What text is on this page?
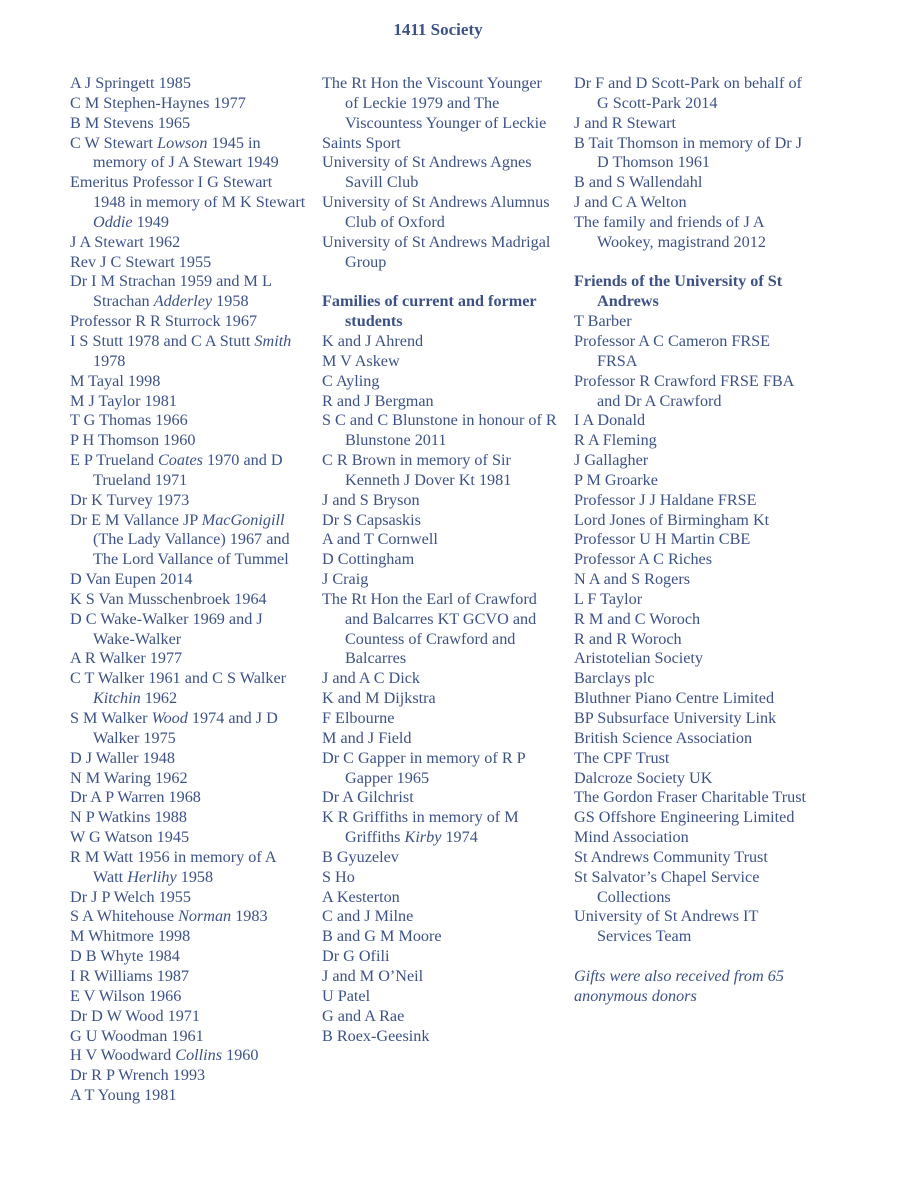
1411 Society
A J Springett 1985
C M Stephen-Haynes 1977
B M Stevens 1965
C W Stewart Lowson 1945 in memory of J A Stewart 1949
Emeritus Professor I G Stewart 1948 in memory of M K Stewart Oddie 1949
J A Stewart 1962
Rev J C Stewart 1955
Dr I M Strachan 1959 and M L Strachan Adderley 1958
Professor R R Sturrock 1967
I S Stutt 1978 and C A Stutt Smith 1978
M Tayal 1998
M J Taylor 1981
T G Thomas 1966
P H Thomson 1960
E P Trueland Coates 1970 and D Trueland 1971
Dr K Turvey 1973
Dr E M Vallance JP MacGonigill (The Lady Vallance) 1967 and The Lord Vallance of Tummel
D Van Eupen 2014
K S Van Musschenbroek 1964
D C Wake-Walker 1969 and J Wake-Walker
A R Walker 1977
C T Walker 1961 and C S Walker Kitchin 1962
S M Walker Wood 1974 and J D Walker 1975
D J Waller 1948
N M Waring 1962
Dr A P Warren 1968
N P Watkins 1988
W G Watson 1945
R M Watt 1956 in memory of A Watt Herlihy 1958
Dr J P Welch 1955
S A Whitehouse Norman 1983
M Whitmore 1998
D B Whyte 1984
I R Williams 1987
E V Wilson 1966
Dr D W Wood 1971
G U Woodman 1961
H V Woodward Collins 1960
Dr R P Wrench 1993
A T Young 1981
The Rt Hon the Viscount Younger of Leckie 1979 and The Viscountess Younger of Leckie
Saints Sport
University of St Andrews Agnes Savill Club
University of St Andrews Alumnus Club of Oxford
University of St Andrews Madrigal Group
Families of current and former students
K and J Ahrend
M V Askew
C Ayling
R and J Bergman
S C and C Blunstone in honour of R Blunstone 2011
C R Brown in memory of Sir Kenneth J Dover Kt 1981
J and S Bryson
Dr S Capsaskis
A and T Cornwell
D Cottingham
J Craig
The Rt Hon the Earl of Crawford and Balcarres KT GCVO and Countess of Crawford and Balcarres
J and A C Dick
K and M Dijkstra
F Elbourne
M and J Field
Dr C Gapper in memory of R P Gapper 1965
Dr A Gilchrist
K R Griffiths in memory of M Griffiths Kirby 1974
B Gyuzelev
S Ho
A Kesterton
C and J Milne
B and G M Moore
Dr G Ofili
J and M O’Neil
U Patel
G and A Rae
B Roex-Geesink
Dr F and D Scott-Park on behalf of G Scott-Park 2014
J and R Stewart
B Tait Thomson in memory of Dr J D Thomson 1961
B and S Wallendahl
J and C A Welton
The family and friends of J A Wookey, magistrand 2012
Friends of the University of St Andrews
T Barber
Professor A C Cameron FRSE FRSA
Professor R Crawford FRSE FBA and Dr A Crawford
I A Donald
R A Fleming
J Gallagher
P M Groarke
Professor J J Haldane FRSE
Lord Jones of Birmingham Kt
Professor U H Martin CBE
Professor A C Riches
N A and S Rogers
L F Taylor
R M and C Woroch
R and R Woroch
Aristotelian Society
Barclays plc
Bluthner Piano Centre Limited
BP Subsurface University Link
British Science Association
The CPF Trust
Dalcroze Society UK
The Gordon Fraser Charitable Trust
GS Offshore Engineering Limited
Mind Association
St Andrews Community Trust
St Salvator’s Chapel Service Collections
University of St Andrews IT Services Team
Gifts were also received from 65 anonymous donors
